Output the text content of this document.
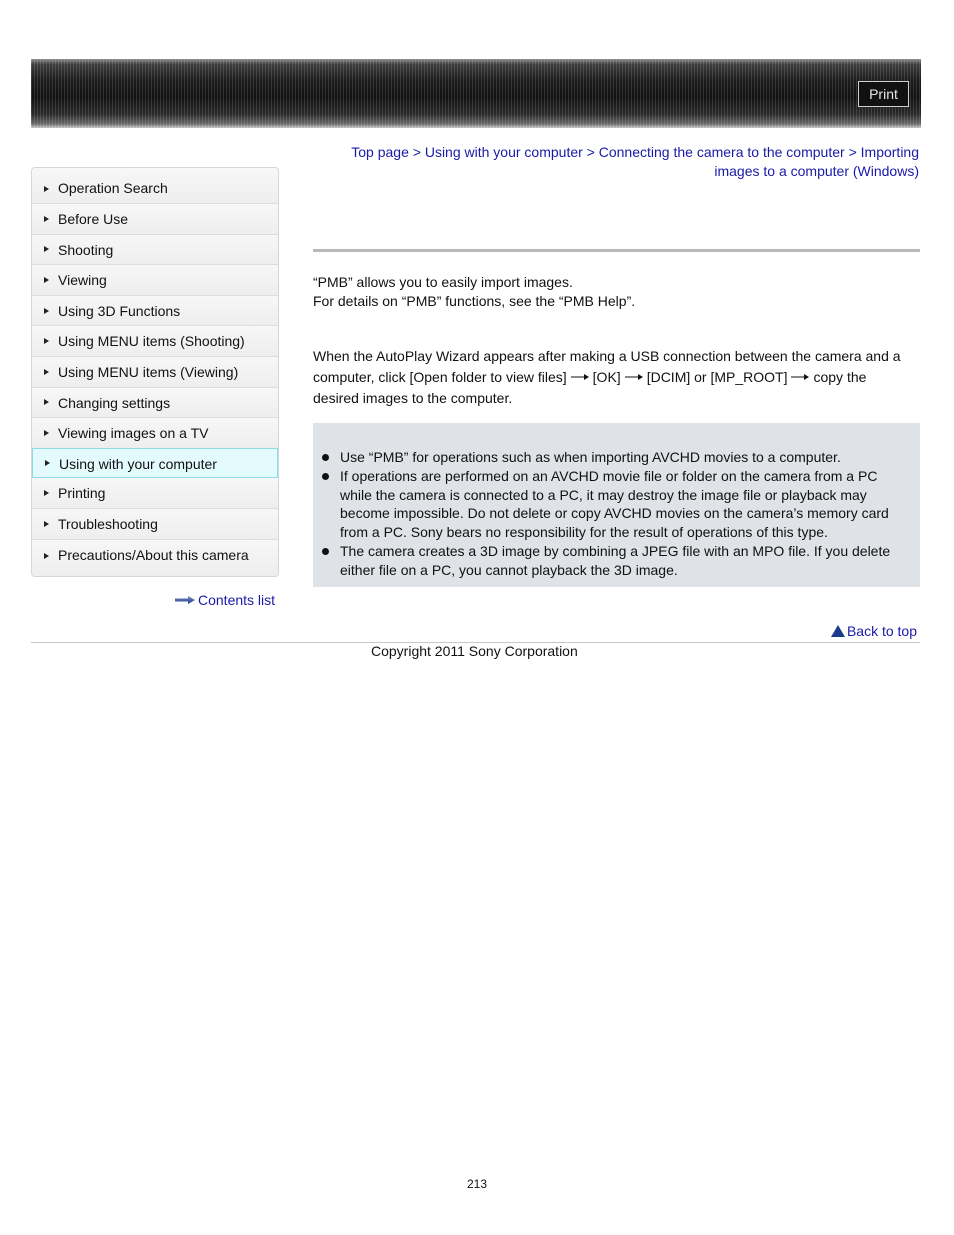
Print
Top page > Using with your computer > Connecting the camera to the computer > Importing images to a computer (Windows)
Operation Search
Before Use
Shooting
Viewing
Using 3D Functions
Using MENU items (Shooting)
Using MENU items (Viewing)
Changing settings
Viewing images on a TV
Using with your computer
Printing
Troubleshooting
Precautions/About this camera
Contents list
“PMB” allows you to easily import images.
For details on “PMB” functions, see the “PMB Help”.
When the AutoPlay Wizard appears after making a USB connection between the camera and a computer, click [Open folder to view files] [OK] [DCIM] or [MP_ROOT] copy the desired images to the computer.
Use “PMB” for operations such as when importing AVCHD movies to a computer.
If operations are performed on an AVCHD movie file or folder on the camera from a PC while the camera is connected to a PC, it may destroy the image file or playback may become impossible. Do not delete or copy AVCHD movies on the camera’s memory card from a PC. Sony bears no responsibility for the result of operations of this type.
The camera creates a 3D image by combining a JPEG file with an MPO file. If you delete either file on a PC, you cannot playback the 3D image.
Back to top
Copyright 2011 Sony Corporation
213
